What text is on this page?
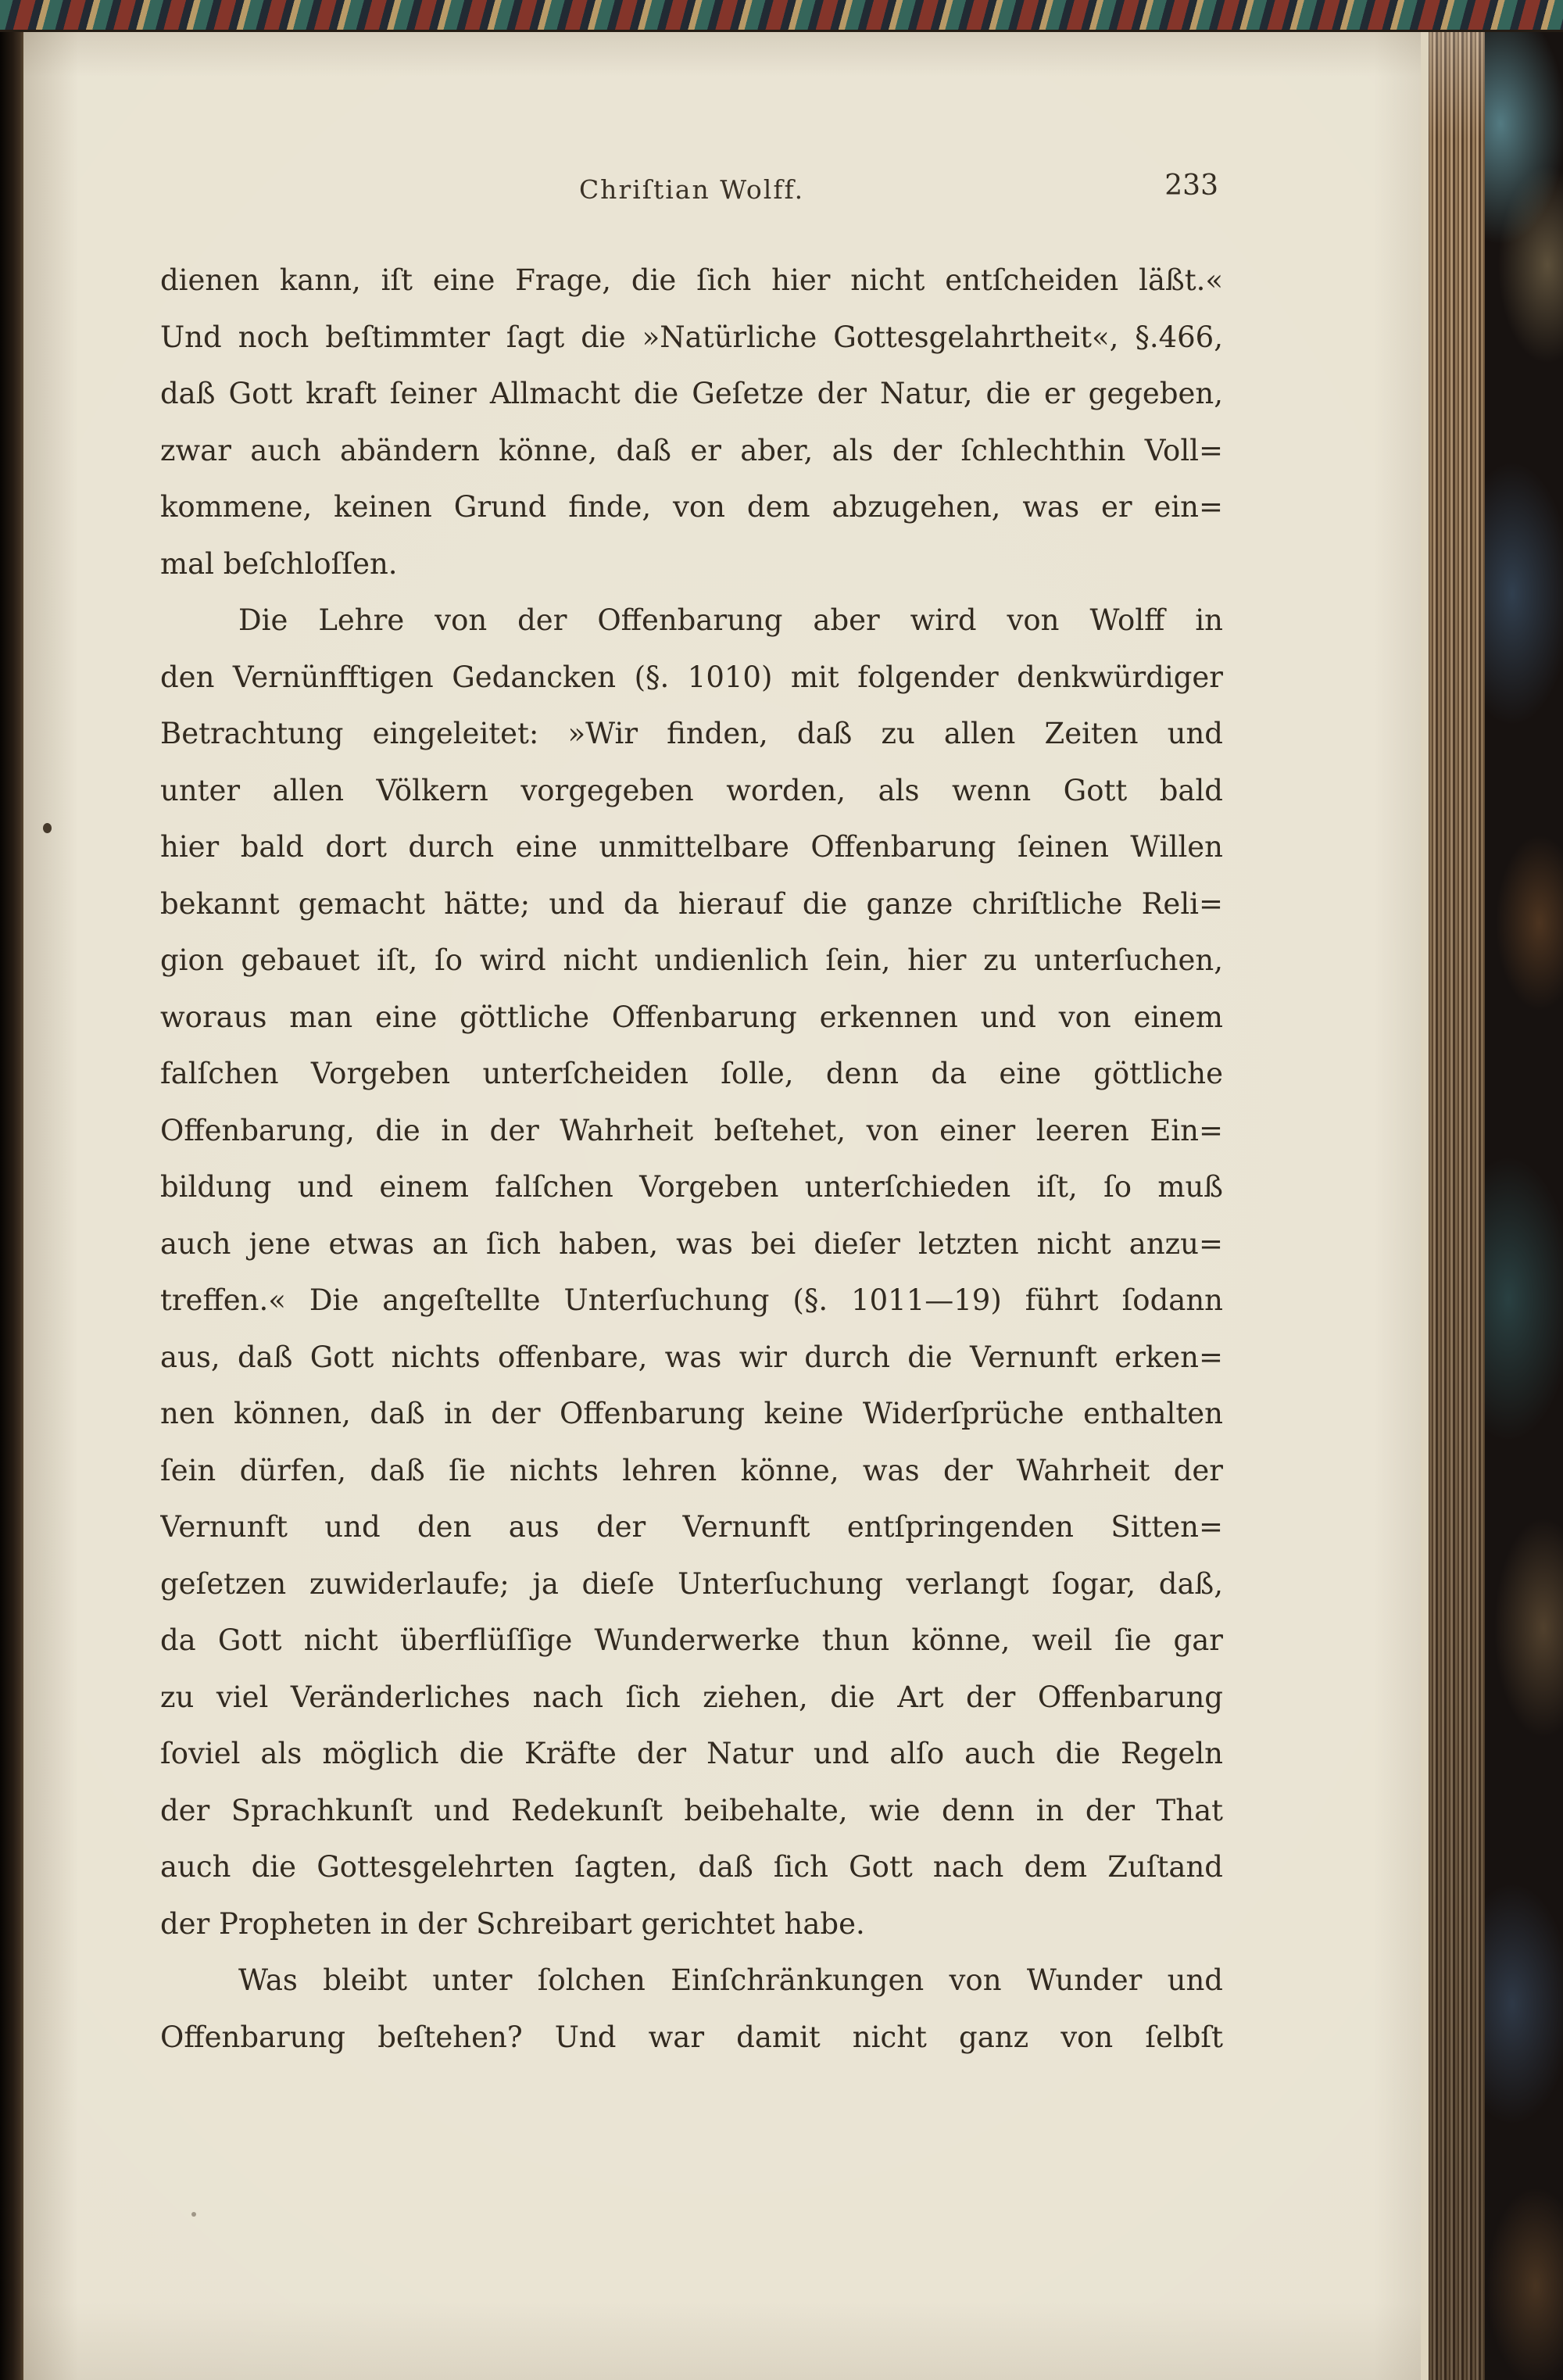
Chriſtian Wolff.	233
dienen kann, iſt eine Frage, die ſich hier nicht entſcheiden läßt.«
Und noch beſtimmter ſagt die »Natürliche Gottesgelahrtheit«, §.466,
daß Gott kraft ſeiner Allmacht die Geſetze der Natur, die er gegeben,
zwar auch abändern könne, daß er aber, als der ſchlechthin Voll=
kommene, keinen Grund finde, von dem abzugehen, was er ein=
mal beſchloſſen.
Die Lehre von der Offenbarung aber wird von Wolff in
den Vernünfftigen Gedancken (§. 1010) mit folgender denkwürdiger
Betrachtung eingeleitet: »Wir finden, daß zu allen Zeiten und
unter allen Völkern vorgegeben worden, als wenn Gott bald
hier bald dort durch eine unmittelbare Offenbarung ſeinen Willen
bekannt gemacht hätte; und da hierauf die ganze chriſtliche Reli=
gion gebauet iſt, ſo wird nicht undienlich ſein, hier zu unterſuchen,
woraus man eine göttliche Offenbarung erkennen und von einem
falſchen Vorgeben unterſcheiden ſolle, denn da eine göttliche
Offenbarung, die in der Wahrheit beſtehet, von einer leeren Ein=
bildung und einem falſchen Vorgeben unterſchieden iſt, ſo muß
auch jene etwas an ſich haben, was bei dieſer letzten nicht anzu=
treffen.« Die angeſtellte Unterſuchung (§. 1011—19) führt ſodann
aus, daß Gott nichts offenbare, was wir durch die Vernunft erken=
nen können, daß in der Offenbarung keine Widerſprüche enthalten
ſein dürfen, daß ſie nichts lehren könne, was der Wahrheit der
Vernunft und den aus der Vernunft entſpringenden Sitten=
geſetzen zuwiderlaufe; ja dieſe Unterſuchung verlangt ſogar, daß,
da Gott nicht überflüſſige Wunderwerke thun könne, weil ſie gar
zu viel Veränderliches nach ſich ziehen, die Art der Offenbarung
ſoviel als möglich die Kräfte der Natur und alſo auch die Regeln
der Sprachkunſt und Redekunſt beibehalte, wie denn in der That
auch die Gottesgelehrten ſagten, daß ſich Gott nach dem Zuſtand
der Propheten in der Schreibart gerichtet habe.
Was bleibt unter ſolchen Einſchränkungen von Wunder und
Offenbarung beſtehen? Und war damit nicht ganz von ſelbſt
